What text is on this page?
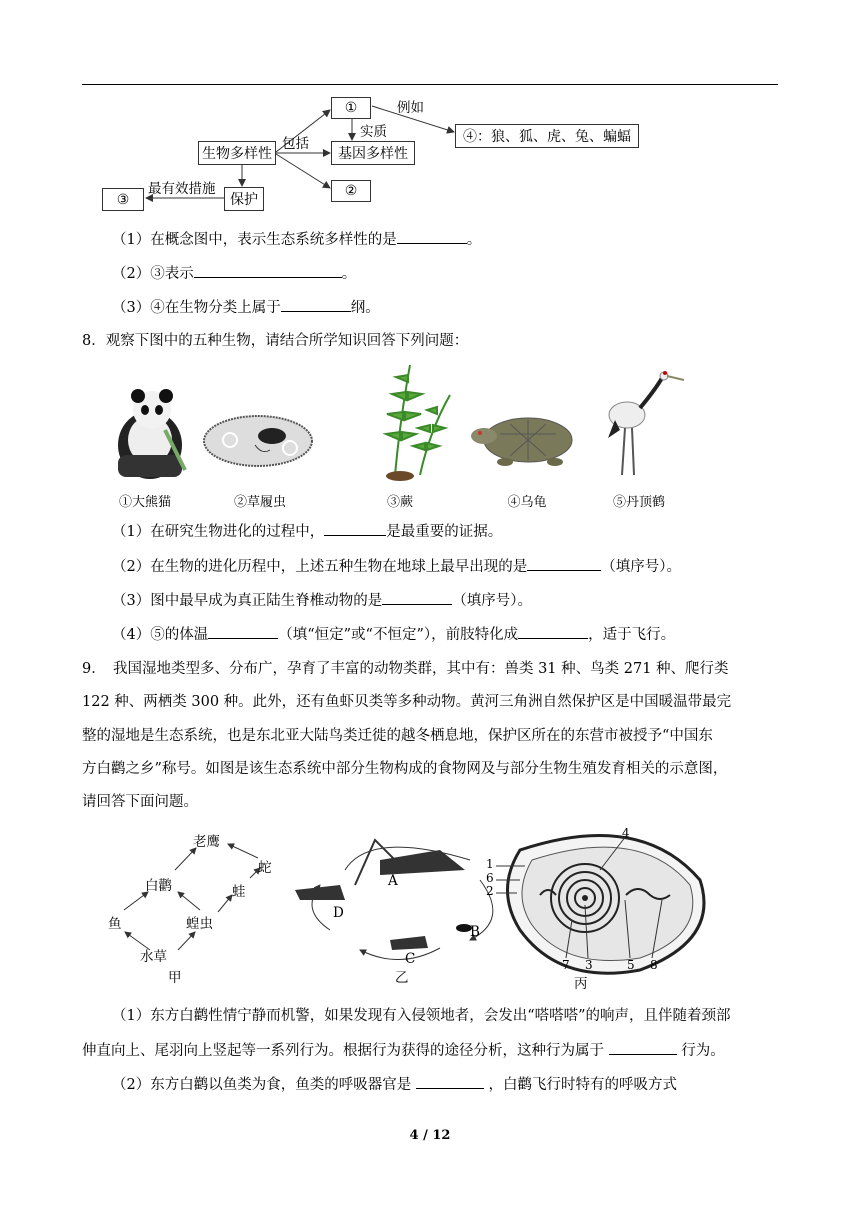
①
基因多样性
②
生物多样性
保护
③
④：狼、狐、虎、兔、蝙蝠
包括
例如
实质
最有效措施
（1）在概念图中，表示生态系统多样性的是	。
（2）③表示	。
（3）④在生物分类上属于	纲。
8．观察下图中的五种生物，请结合所学知识回答下列问题：
①大熊猫	②草履虫	③蕨	④乌龟	⑤丹顶鹤
（1）在研究生物进化的过程中，	是最重要的证据。
（2）在生物的进化历程中，上述五种生物在地球上最早出现的是	（填序号）。
（3）图中最早成为真正陆生脊椎动物的是	（填序号）。
（4）⑤的体温	（填“恒定”或“不恒定”），前肢特化成	，适于飞行。
9．　我国湿地类型多、分布广，孕育了丰富的动物类群，其中有：兽类 31 种、鸟类 271 种、爬行类
122 种、两栖类 300 种。此外，还有鱼虾贝类等多种动物。黄河三角洲自然保护区是中国暖温带最完
整的湿地是生态系统，也是东北亚大陆鸟类迁徙的越冬栖息地，保护区所在的东营市被授予“中国东
方白鹳之乡”称号。如图是该生态系统中部分生物构成的食物网及与部分生物生殖发育相关的示意图，
请回答下面问题。
老鹰
白鹳
蛇
蛙
鱼	蝗虫
水草
甲
A
B
C
D
乙
1
6
2
4
7 3	5 8
丙
（1）东方白鹳性情宁静而机警，如果发现有入侵领地者，会发出“嗒嗒嗒”的响声，且伴随着颈部
伸直向上、尾羽向上竖起等一系列行为。根据行为获得的途径分析，这种行为属于	行为。
（2）东方白鹳以鱼类为食，鱼类的呼吸器官是	，白鹳飞行时特有的呼吸方式
4 / 12
